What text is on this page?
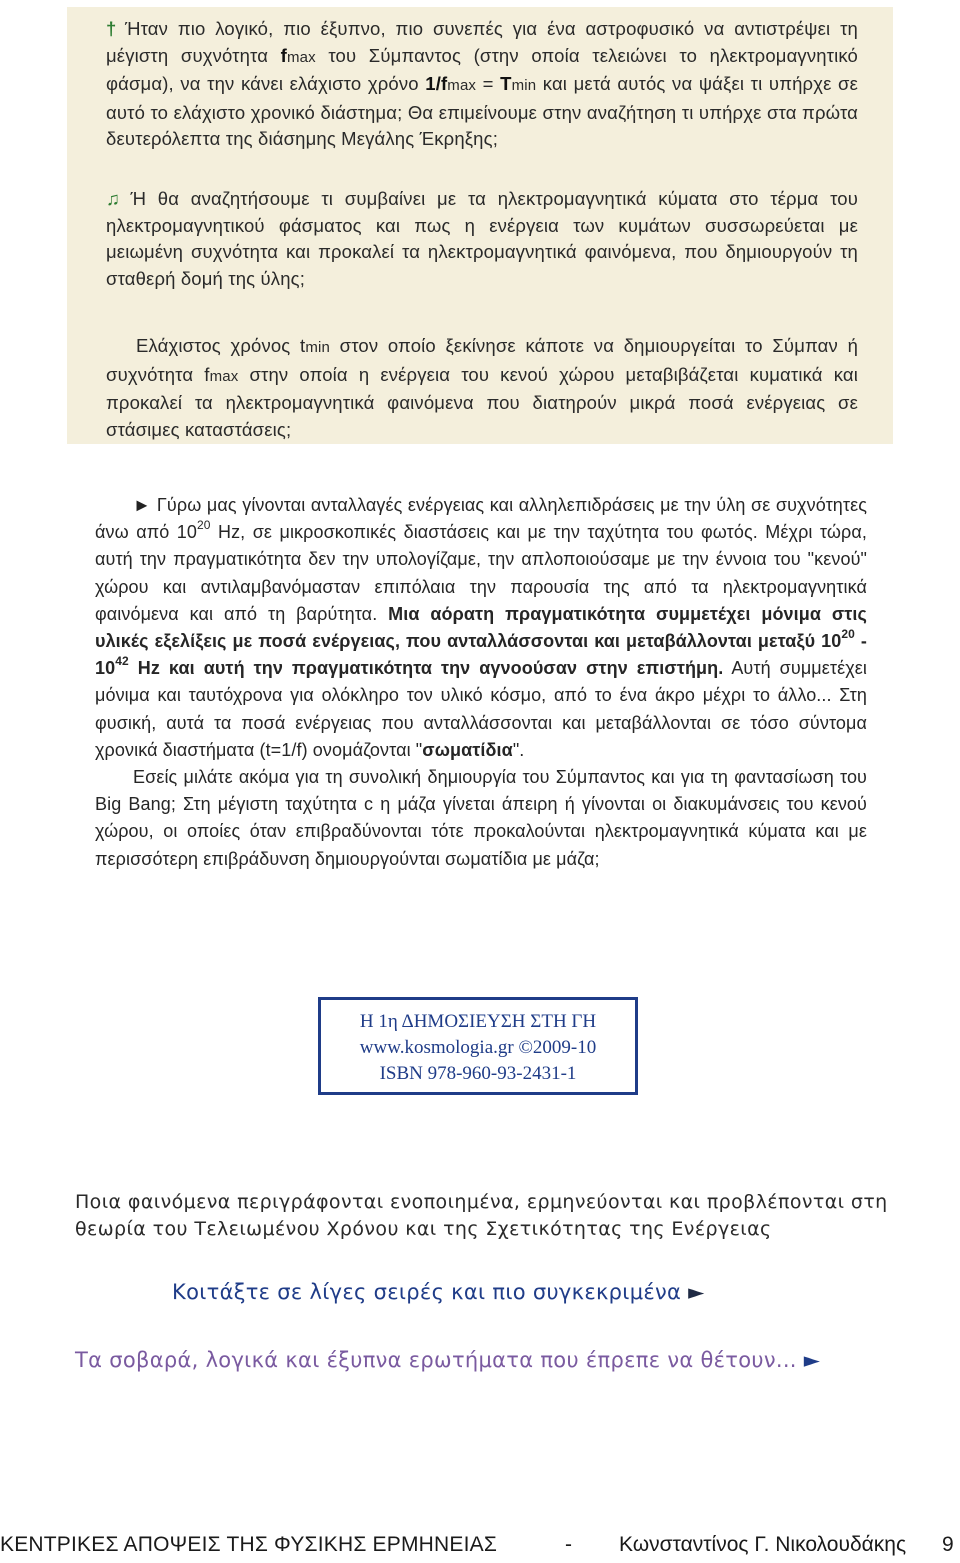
† Ήταν πιο λογικό, πιο έξυπνο, πιο συνεπές για ένα αστροφυσικό να αντιστρέψει τη μέγιστη συχνότητα fmax του Σύμπαντος (στην οποία τελειώνει το ηλεκτρομαγνητικό φάσμα), να την κάνει ελάχιστο χρόνο 1/fmax = Tmin και μετά αυτός να ψάξει τι υπήρχε σε αυτό το ελάχιστο χρονικό διάστημα; Θα επιμείνουμε στην αναζήτηση τι υπήρχε στα πρώτα δευτερόλεπτα της διάσημης Μεγάλης Έκρηξης;

♫ Ή θα αναζητήσουμε τι συμβαίνει με τα ηλεκτρομαγνητικά κύματα στο τέρμα του ηλεκτρομαγνητικού φάσματος και πως η ενέργεια των κυμάτων συσσωρεύεται με μειωμένη συχνότητα και προκαλεί τα ηλεκτρομαγνητικά φαινόμενα, που δημιουργούν τη σταθερή δομή της ύλης;

Ελάχιστος χρόνος tmin στον οποίο ξεκίνησε κάποτε να δημιουργείται το Σύμπαν ή συχνότητα fmax στην οποία η ενέργεια του κενού χώρου μεταβιβάζεται κυματικά και προκαλεί τα ηλεκτρομαγνητικά φαινόμενα που διατηρούν μικρά ποσά ενέργειας σε στάσιμες καταστάσεις;

► Γύρω μας γίνονται ανταλλαγές ενέργειας και αλληλεπιδράσεις με την ύλη σε συχνότητες άνω από $10^{20}$ Hz, σε μικροσκοπικές διαστάσεις και με την ταχύτητα του φωτός. Μέχρι τώρα, αυτή την πραγματικότητα δεν την υπολογίζαμε, την απλοποιούσαμε με την έννοια του "κενού" χώρου και αντιλαμβανόμασταν επιπόλαια την παρουσία της από τα ηλεκτρομαγνητικά φαινόμενα και από τη βαρύτητα. Μια αόρατη πραγματικότητα συμμετέχει μόνιμα στις υλικές εξελίξεις με ποσά ενέργειας, που ανταλλάσσονται και μεταβάλλονται μεταξύ $10^{20} - 10^{42}$ Hz και αυτή την πραγματικότητα την αγνοούσαν στην επιστήμη. Αυτή συμμετέχει μόνιμα και ταυτόχρονα για ολόκληρο τον υλικό κόσμο, από το ένα άκρο μέχρι το άλλο... Στη φυσική, αυτά τα ποσά ενέργειας που ανταλλάσσονται και μεταβάλλονται σε τόσο σύντομα χρονικά διαστήματα (t=1/f) ονομάζονται "σωματίδια".
Εσείς μιλάτε ακόμα για τη συνολική δημιουργία του Σύμπαντος και για τη φαντασίωση του Big Bang; Στη μέγιστη ταχύτητα c η μάζα γίνεται άπειρη ή γίνονται οι διακυμάνσεις του κενού χώρου, οι οποίες όταν επιβραδύνονται τότε προκαλούνται ηλεκτρομαγνητικά κύματα και με περισσότερη επιβράδυνση δημιουργούνται σωματίδια με μάζα;

Η 1η ΔΗΜΟΣΙΕΥΣΗ ΣΤΗ ΓΗ
www.kosmologia.gr ©2009-10
ISBN 978-960-93-2431-1

Ποια φαινόμενα περιγράφονται ενοποιημένα, ερμηνεύονται και προβλέπονται στη θεωρία του Τελειωμένου Χρόνου και της Σχετικότητας της Ενέργειας

Κοιτάξτε σε λίγες σειρές και πιο συγκεκριμένα ►

Τα σοβαρά, λογικά και έξυπνα ερωτήματα που έπρεπε να θέτουν... ►

ΚΕΝΤΡΙΚΕΣ ΑΠΟΨΕΙΣ ΤΗΣ ΦΥΣΙΚΗΣ ΕΡΜΗΝΕΙΑΣ	- Κωνσταντίνος Γ. Νικολουδάκης 9
